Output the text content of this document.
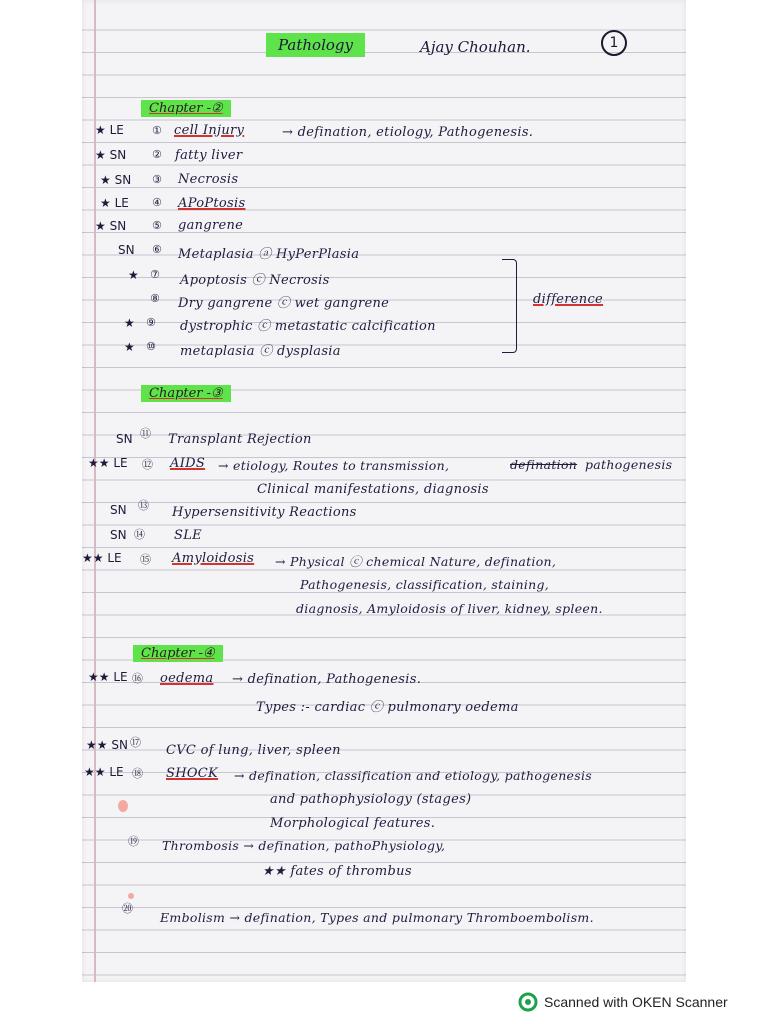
Pathology	Ajay Chouhan.	1
Chapter -②
★ LE	① cell Injury	→ defination, etiology, Pathogenesis.
★ SN ② fatty liver
★ SN ③ Necrosis
★ LE ④ APoPtosis
★ SN ⑤ gangrene
SN ⑥ Metaplasia ⓐ HyPerPlasia
★ ⑦ Apoptosis ⓒ Necrosis
⑧ Dry gangrene ⓒ wet gangrene
★ ⑨ dystrophic ⓒ metastatic calcification
★ ⑩ metaplasia ⓒ dysplasia
difference
Chapter -③
SN ⑪ Transplant Rejection
★★ LE ⑫ AIDS → etiology, Routes to transmission,	defination pathogenesis
Clinical manifestations, diagnosis
SN ⑬ Hypersensitivity Reactions
SN ⑭ SLE
★★ LE ⑮ Amyloidosis → Physical ⓒ chemical Nature, defination,
Pathogenesis, classification, staining,
diagnosis, Amyloidosis of liver, kidney, spleen.
Chapter -④
★★ LE ⑯ oedema → defination, Pathogenesis.
Types :- cardiac ⓒ pulmonary oedema
★★ SN ⑰
CVC of lung, liver, spleen
★★ LE ⑱ SHOCK → defination, classification and etiology, pathogenesis
and pathophysiology (stages)
Morphological features.
⑲ Thrombosis → defination, pathoPhysiology,
★★ fates of thrombus
⑳
Embolism → defination, Types and pulmonary Thromboembolism.
Scanned with OKEN Scanner
